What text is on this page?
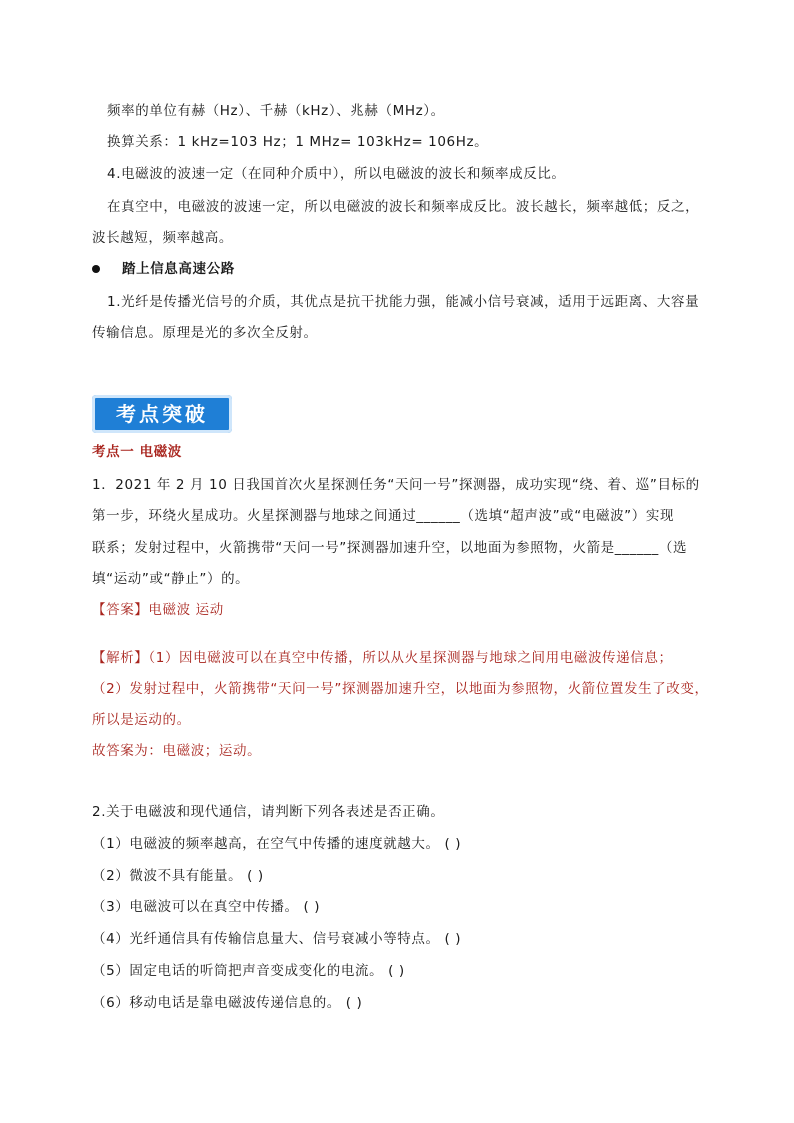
频率的单位有赫（Hz）、千赫（kHz）、兆赫（MHz）。
换算关系：1 kHz=103 Hz；1 MHz= 103kHz= 106Hz。
4.电磁波的波速一定（在同种介质中），所以电磁波的波长和频率成反比。
在真空中，电磁波的波速一定，所以电磁波的波长和频率成反比。波长越长，频率越低；反之，
波长越短，频率越高。
踏上信息高速公路
1.光纤是传播光信号的介质，其优点是抗干扰能力强，能减小信号衰减，适用于远距离、大容量
传输信息。原理是光的多次全反射。
考点突破
考点一 电磁波
1．2021 年 2 月 10 日我国首次火星探测任务“天问一号”探测器，成功实现“绕、着、巡”目标的
第一步，环绕火星成功。火星探测器与地球之间通过______（选填“超声波”或“电磁波”）实现
联系；发射过程中，火箭携带“天问一号”探测器加速升空，以地面为参照物，火箭是______（选
填“运动”或“静止”）的。
【答案】电磁波 运动
【解析】（1）因电磁波可以在真空中传播，所以从火星探测器与地球之间用电磁波传递信息；
（2）发射过程中，火箭携带“天问一号”探测器加速升空，以地面为参照物，火箭位置发生了改变，
所以是运动的。
故答案为：电磁波；运动。
2.关于电磁波和现代通信，请判断下列各表述是否正确。
（1）电磁波的频率越高，在空气中传播的速度就越大。 ( )
（2）微波不具有能量。 ( )
（3）电磁波可以在真空中传播。 ( )
（4）光纤通信具有传输信息量大、信号衰减小等特点。 ( )
（5）固定电话的听筒把声音变成变化的电流。 ( )
（6）移动电话是靠电磁波传递信息的。 ( )
